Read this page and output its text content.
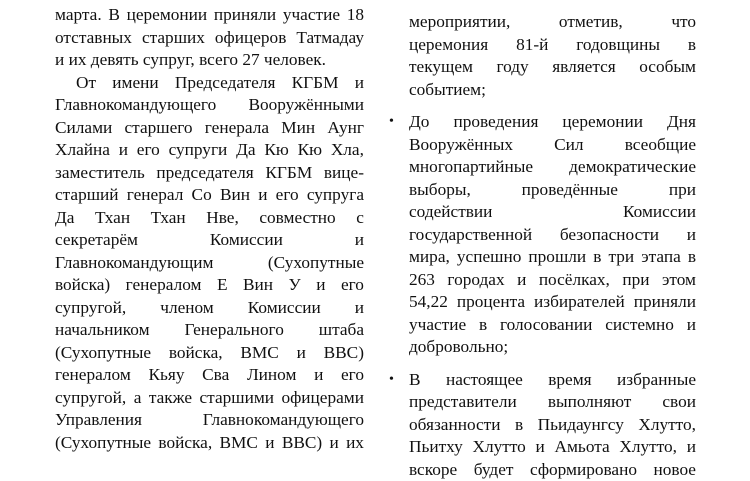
марта. В церемонии приняли участие 18
отставных старших офицеров Татмадау
и их девять супруг, всего 27 человек.
От имени Председателя КГБМ и
Главнокомандующего Вооружёнными
Силами старшего генерала Мин Аунг
Хлайна и его супруги Да Кю Кю Хла,
заместитель председателя КГБМ вице-
старший генерал Со Вин и его супруга
Да Тхан Тхан Нве, совместно с
секретарём	Комиссии	и
Главнокомандующим	(Сухопутные
войска) генералом Е Вин У и его
супругой, членом Комиссии и
начальником Генерального штаба
(Сухопутные войска, ВМС и ВВС)
генералом Кьяу Сва Лином и его
супругой, а также старшими офицерами
Управления	Главнокомандующего
(Сухопутные войска, ВМС и ВВС) и их
мероприятии,	отметив,	что
церемония 81-й годовщины в
текущем году является особым
событием;
• До проведения церемонии Дня
Вооружённых Сил всеобщие
многопартийные демократические
выборы,	проведённые	при
содействии	Комиссии
государственной безопасности и
мира, успешно прошли в три этапа в
263 городах и посёлках, при этом
54,22 процента избирателей приняли
участие в голосовании системно и
добровольно;
• В настоящее время избранные
представители выполняют свои
обязанности в Пьидаунгсу Хлутто,
Пьитху Хлутто и Амьота Хлутто, и
вскоре будет сформировано новое
